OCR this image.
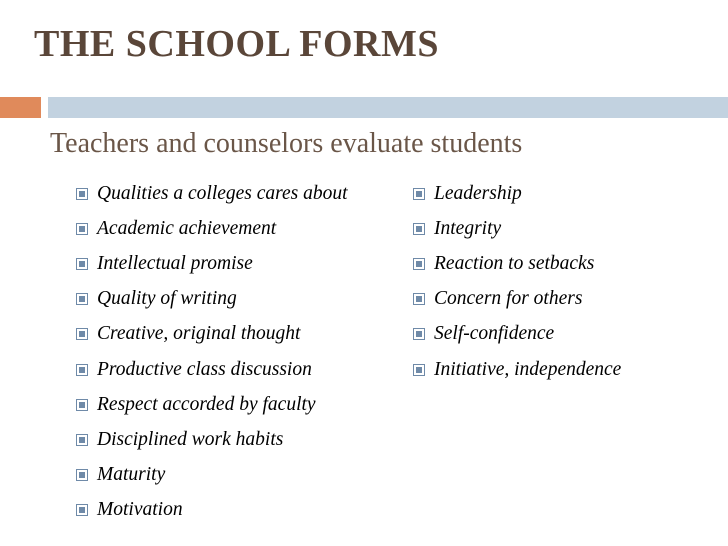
THE SCHOOL FORMS
Teachers and counselors evaluate students
Qualities a colleges cares about
Academic achievement
Intellectual promise
Quality of writing
Creative, original thought
Productive class discussion
Respect accorded by faculty
Disciplined work habits
Maturity
Motivation
Leadership
Integrity
Reaction to setbacks
Concern for others
Self-confidence
Initiative, independence
